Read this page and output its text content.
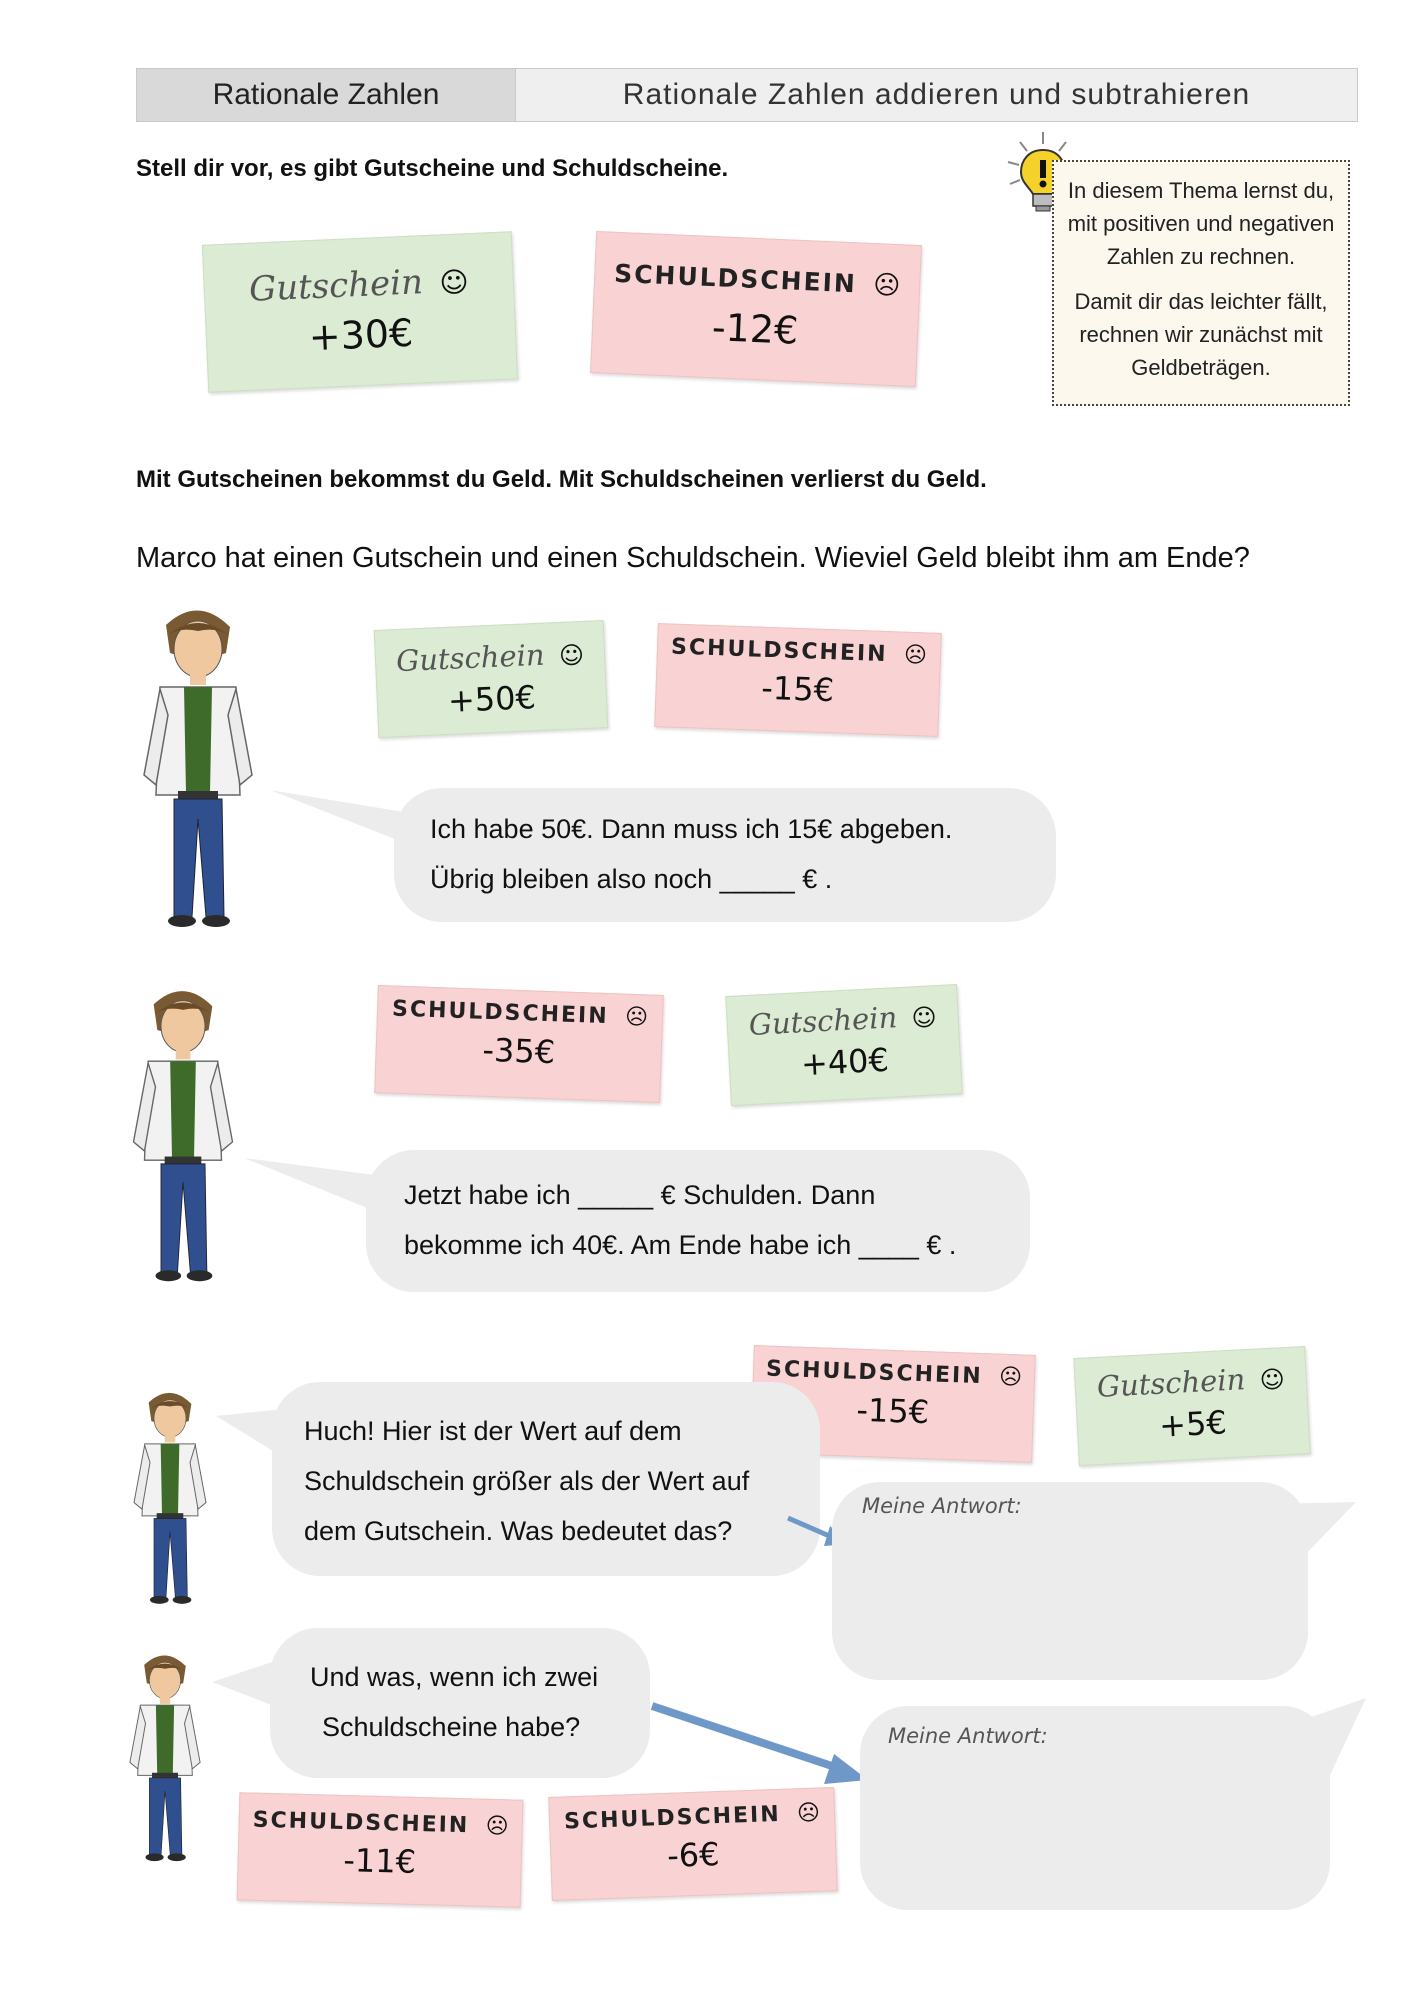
Rationale Zahlen	Rationale Zahlen addieren und subtrahieren
Stell dir vor, es gibt Gutscheine und Schuldscheine.

In diesem Thema lernst du, mit positiven und negativen Zahlen zu rechnen.

Damit dir das leichter fällt, rechnen wir zunächst mit Geldbeträgen.

Gutschein ☺
+30€
SCHULDSCHEIN ☹
-12€
Mit Gutscheinen bekommst du Geld. Mit Schuldscheinen verlierst du Geld.
Marco hat einen Gutschein und einen Schuldschein. Wieviel Geld bleibt ihm am Ende?
Gutschein ☺
+50€
SCHULDSCHEIN ☹
-15€
Ich habe 50€. Dann muss ich 15€ abgeben.
Übrig bleiben also noch _____ € .
SCHULDSCHEIN ☹
-35€
Gutschein ☺
+40€
Jetzt habe ich _____ € Schulden. Dann
bekomme ich 40€. Am Ende habe ich ____ € .
SCHULDSCHEIN ☹
-15€
Gutschein ☺
+5€
Huch! Hier ist der Wert auf dem
Schuldschein größer als der Wert auf
dem Gutschein. Was bedeutet das?
Meine Antwort:
Und was, wenn ich zwei
Schuldscheine habe?
SCHULDSCHEIN ☹
-11€
SCHULDSCHEIN ☹
-6€
Meine Antwort:
